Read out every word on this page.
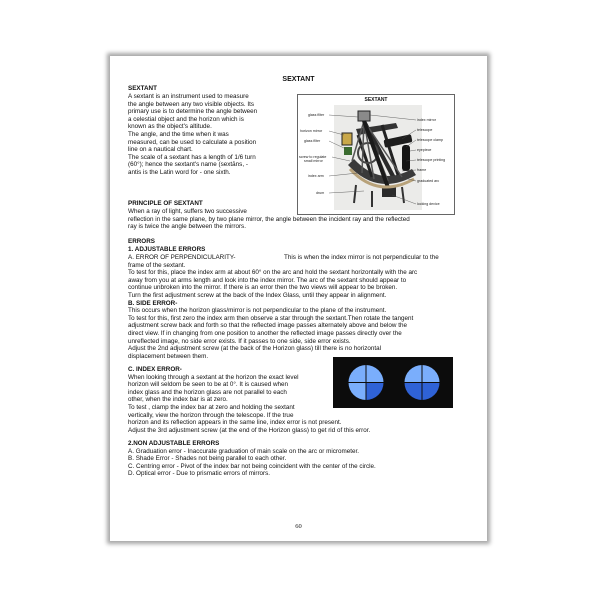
SEXTANT
SEXTANT
A sextant is an instrument used to measure
the angle between any two visible objects. Its
primary use is to determine the angle between
a celestial object and the horizon which is
known as the object's altitude.
The angle, and the time when it was
measured, can be used to calculate a position
line on a nautical chart.
The scale of a sextant has a length of 1/6 turn
(60°); hence the sextant's name (sextāns, -
antis is the Latin word for - one sixth.
SEXTANT
glass filter
horizon mirror
glass filter
screw to regulate
small mirror
index arm
drum
index mirror
telescope
telescope clamp
eyepiece
telescope printing
frame
graduated arc
locking device
PRINCIPLE OF SEXTANT
When a ray of light, suffers two successive
reflection in the same plane, by two plane mirror, the angle between the incident ray and the reflected
ray is twice the angle between the mirrors.
ERRORS
1. ADJUSTABLE ERRORS
A. ERROR OF PERPENDICULARITY-	This is when the index mirror is not perpendicular to the
frame of the sextant.
To test for this, place the index arm at about 60° on the arc and hold the sextant horizontally with the arc
away from you at arms length and look into the index mirror. The arc of the sextant should appear to
continue unbroken into the mirror. If there is an error then the two views will appear to be broken.
Turn the first adjustment screw at the back of the Index Glass, until they appear in alignment.
B. SIDE ERROR-
This occurs when the horizon glass/mirror is not perpendicular to the plane of the instrument.
To test for this, first zero the index arm then observe a star through the sextant.Then rotate the tangent
adjustment screw back and forth so that the reflected image passes alternately above and below the
direct view. If in changing from one position to another the reflected image passes directly over the
unreflected image, no side error exists. If it passes to one side, side error exists.
Adjust the 2nd adjustment screw (at the back of the Horizon glass) till there is no horizontal
displacement between them.
C. INDEX ERROR-
When looking through a sextant at the horizon the exact level
horizon will seldom be seen to be at 0°. It is caused when
index glass and the horizon glass are not parallel to each
other, when the index bar is at zero.
To test , clamp the index bar at zero and holding the sextant
vertically, view the horizon through the telescope. If the true
horizon and its reflection appears in the same line, index error is not present.
Adjust the 3rd adjustment screw (at the end of the Horizon glass) to get rid of this error.
2.NON ADJUSTABLE ERRORS
A. Graduation error - Inaccurate graduation of main scale on the arc or micrometer.
B. Shade Error - Shades not being parallel to each other.
C. Centring error - Pivot of the index bar not being coincident with the center of the circle.
D. Optical error - Due to prismatic errors of mirrors.
60
